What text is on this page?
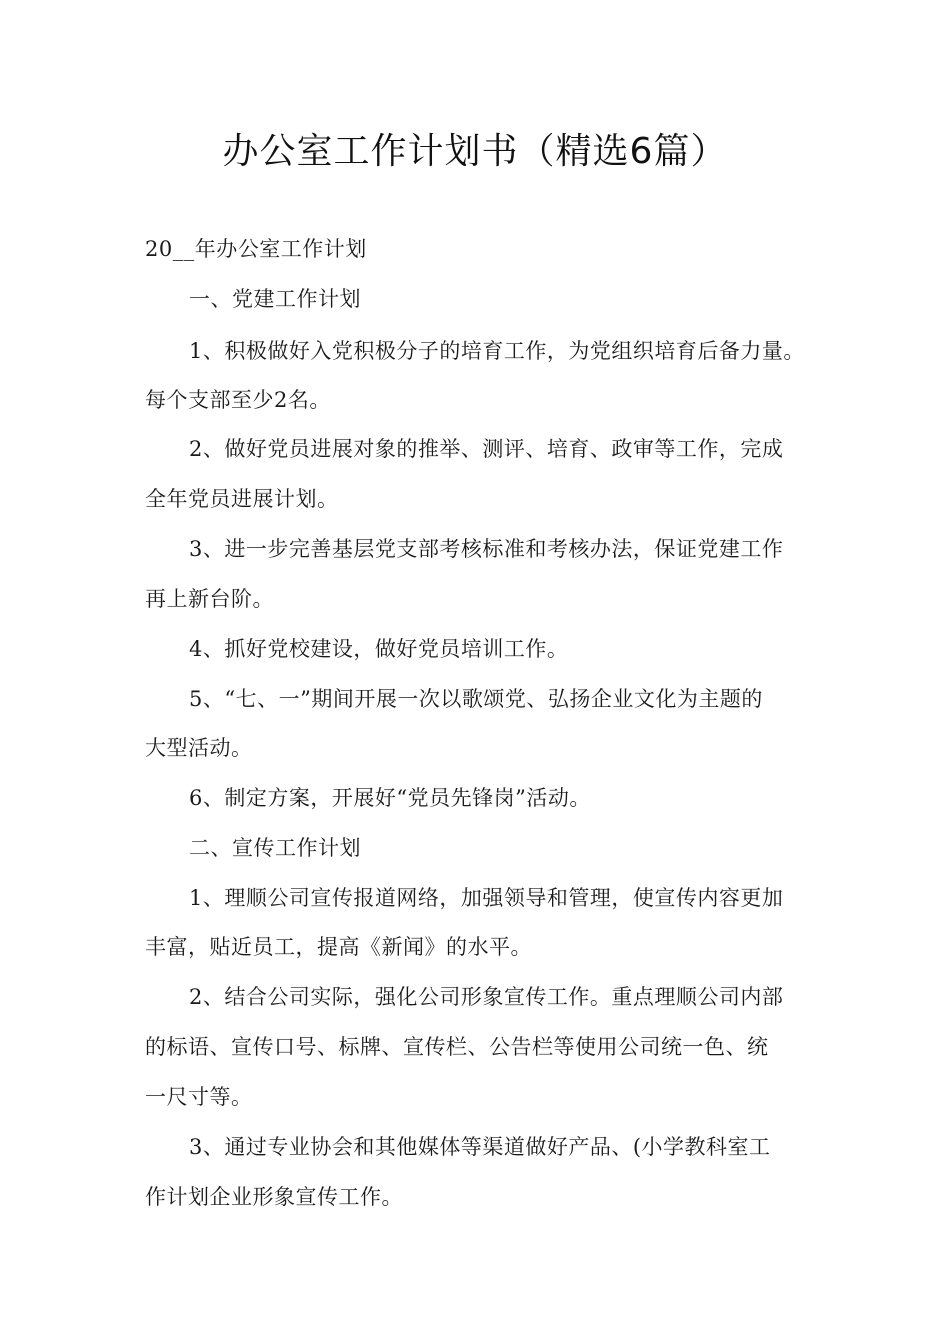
办公室工作计划书（精选6篇）
20__年办公室工作计划
一、党建工作计划
1、积极做好入党积极分子的培育工作，为党组织培育后备力量。
每个支部至少2名。
2、做好党员进展对象的推举、测评、培育、政审等工作，完成
全年党员进展计划。
3、进一步完善基层党支部考核标准和考核办法，保证党建工作
再上新台阶。
4、抓好党校建设，做好党员培训工作。
5、“七、一”期间开展一次以歌颂党、弘扬企业文化为主题的
大型活动。
6、制定方案，开展好“党员先锋岗”活动。
二、宣传工作计划
1、理顺公司宣传报道网络，加强领导和管理，使宣传内容更加
丰富，贴近员工，提高《新闻》的水平。
2、结合公司实际，强化公司形象宣传工作。重点理顺公司内部
的标语、宣传口号、标牌、宣传栏、公告栏等使用公司统一色、统
一尺寸等。
3、通过专业协会和其他媒体等渠道做好产品、(小学教科室工
作计划企业形象宣传工作。
